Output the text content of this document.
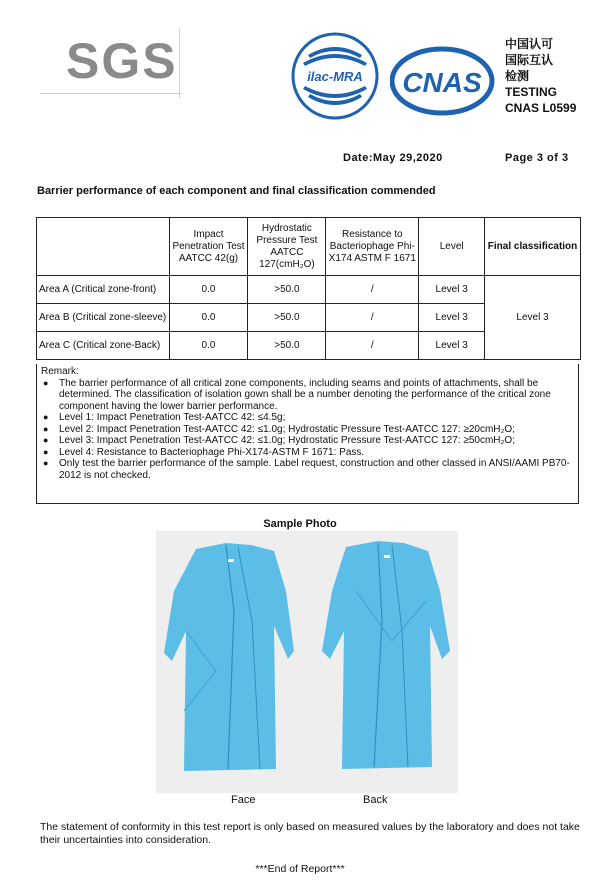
SGS	ilac-MRA CNAS
中国认可
国际互认
检测
TESTING
CNAS L0599
Date:May 29,2020	Page 3 of 3
Barrier performance of each component and final classification commended
	Impact Penetration Test AATCC 42(g)	Hydrostatic Pressure Test AATCC 127(cmH₂O)	Resistance to Bacteriophage Phi-X174 ASTM F 1671	Level	Final classification
Area A (Critical zone-front)	0.0	>50.0	/	Level 3	Level 3
Area B (Critical zone-sleeve)	0.0	>50.0	/	Level 3	
Area C (Critical zone-Back)	0.0	>50.0	/	Level 3	
Remark:
● The barrier performance of all critical zone components, including seams and points of attachments, shall be determined. The classification of isolation gown shall be a number denoting the performance of the critical zone component having the lower barrier performance.
● Level 1: Impact Penetration Test-AATCC 42: ≤4.5g;
● Level 2: Impact Penetration Test-AATCC 42: ≤1.0g; Hydrostatic Pressure Test-AATCC 127: ≥20cmH₂O;
● Level 3: Impact Penetration Test-AATCC 42: ≤1.0g; Hydrostatic Pressure Test-AATCC 127: ≥50cmH₂O;
● Level 4: Resistance to Bacteriophage Phi-X174-ASTM F 1671: Pass.
● Only test the barrier performance of the sample. Label request, construction and other classed in ANSI/AAMI PB70-2012 is not checked.
Sample Photo
Face	Back
The statement of conformity in this test report is only based on measured values by the laboratory and does not take their uncertainties into consideration.
***End of Report***
